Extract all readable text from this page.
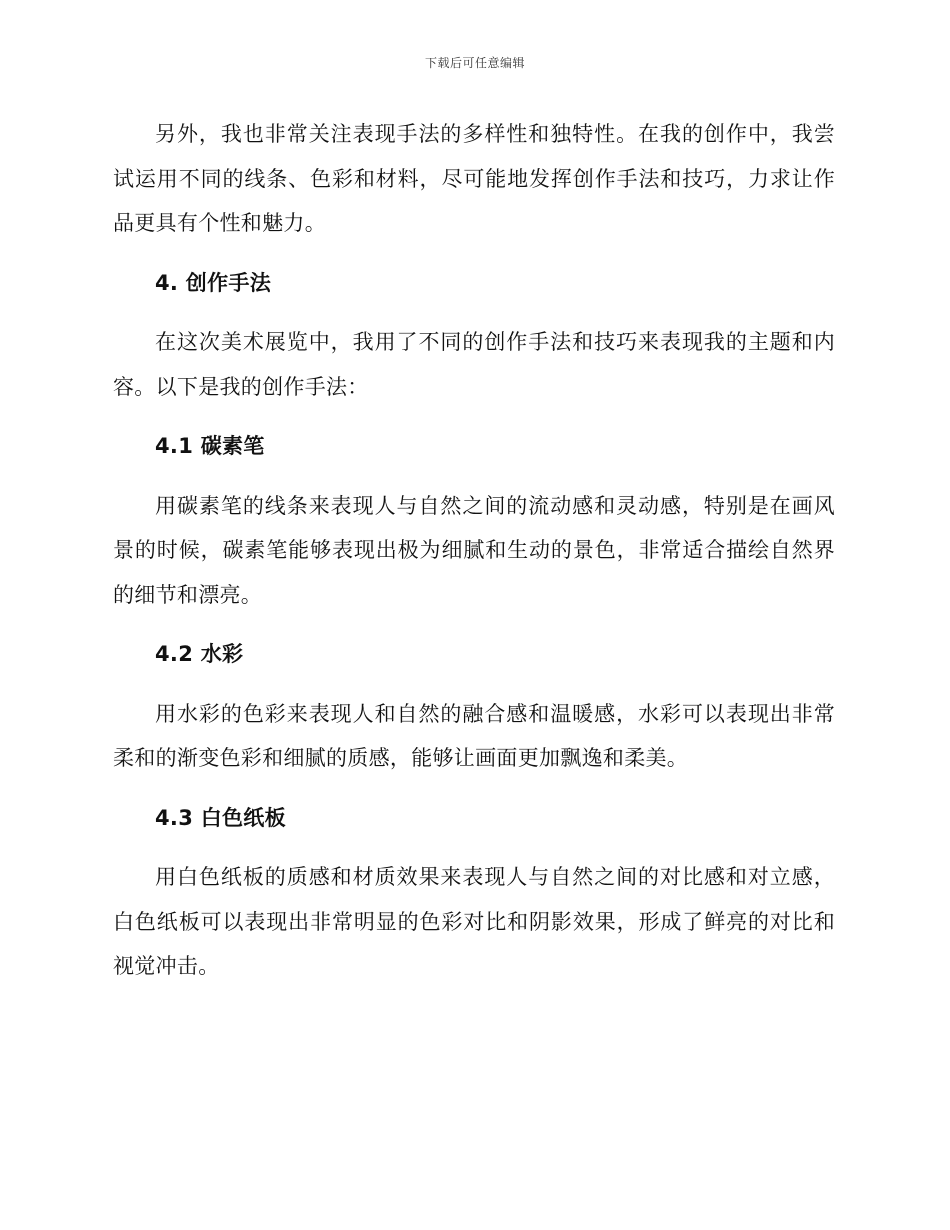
下载后可任意编辑

另外，我也非常关注表现手法的多样性和独特性。在我的创作中，我尝试运用不同的线条、色彩和材料，尽可能地发挥创作手法和技巧，力求让作品更具有个性和魅力。

4. 创作手法

在这次美术展览中，我用了不同的创作手法和技巧来表现我的主题和内容。以下是我的创作手法：

4.1 碳素笔

用碳素笔的线条来表现人与自然之间的流动感和灵动感，特别是在画风景的时候，碳素笔能够表现出极为细腻和生动的景色，非常适合描绘自然界的细节和漂亮。

4.2 水彩

用水彩的色彩来表现人和自然的融合感和温暖感，水彩可以表现出非常柔和的渐变色彩和细腻的质感，能够让画面更加飘逸和柔美。

4.3 白色纸板

用白色纸板的质感和材质效果来表现人与自然之间的对比感和对立感，白色纸板可以表现出非常明显的色彩对比和阴影效果，形成了鲜亮的对比和视觉冲击。
